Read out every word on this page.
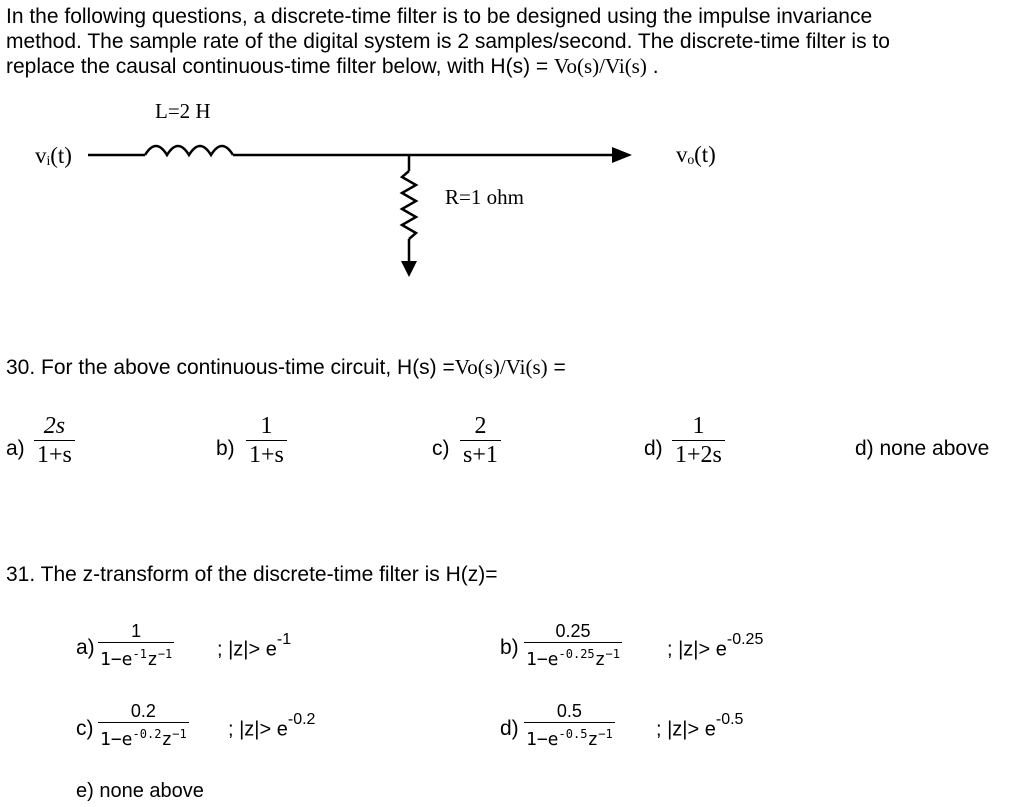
In the following questions, a discrete-time filter is to be designed using the impulse invariance
method. The sample rate of the digital system is 2 samples/second. The discrete-time filter is to
replace the causal continuous-time filter below, with H(s) = Vo(s)/Vi(s) .
L=2 H
vᵢ(t)	vₒ(t)
R=1 ohm
30. For the above continuous-time circuit, H(s) =Vo(s)/Vi(s) =
$a) \frac{2s}{1+s}$	$b) \frac{1}{1+s}$	$c) \frac{2}{s+1}$	$d) \frac{1}{1+2s}$	d) none above
31. The z-transform of the discrete-time filter is H(z)=
$a) \frac{1}{1-e^{-1}z^{-1}}$ ; $|z|> e^{-1}$	$b) \frac{0.25}{1-e^{-0.25}z^{-1}}$ ; $|z|> e^{-0.25}$
$c) \frac{0.2}{1-e^{-0.2}z^{-1}}$ ; $|z|> e^{-0.2}$	$d) \frac{0.5}{1-e^{-0.5}z^{-1}}$ ; $|z|> e^{-0.5}$
e) none above
